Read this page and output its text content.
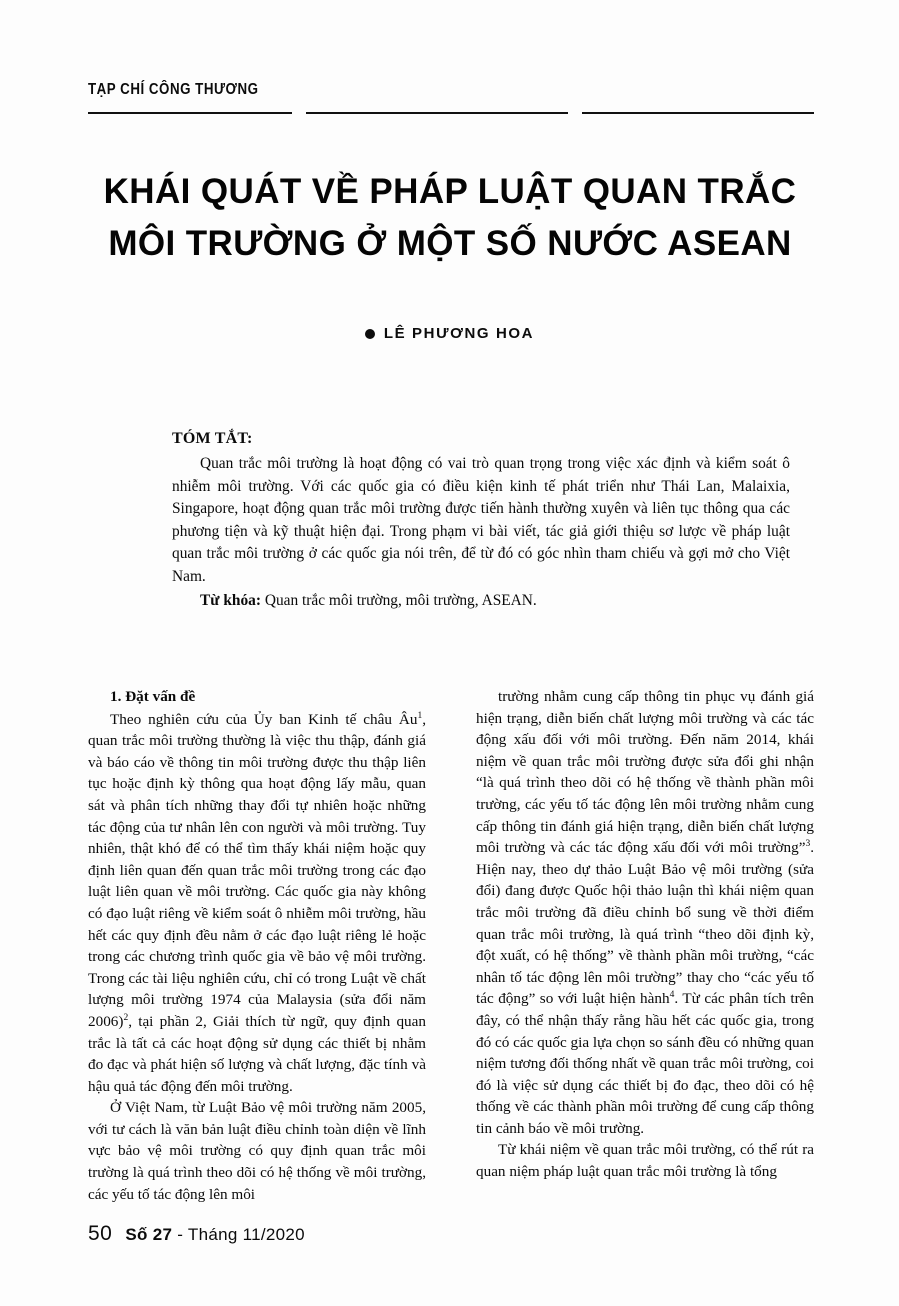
TẠP CHÍ CÔNG THƯƠNG
KHÁI QUÁT VỀ PHÁP LUẬT QUAN TRẮC
MÔI TRƯỜNG Ở MỘT SỐ NƯỚC ASEAN
LÊ PHƯƠNG HOA
TÓM TẮT:

Quan trắc môi trường là hoạt động có vai trò quan trọng trong việc xác định và kiểm soát ô nhiễm môi trường. Với các quốc gia có điều kiện kinh tế phát triển như Thái Lan, Malaixia, Singapore, hoạt động quan trắc môi trường được tiến hành thường xuyên và liên tục thông qua các phương tiện và kỹ thuật hiện đại. Trong phạm vi bài viết, tác giả giới thiệu sơ lược về pháp luật quan trắc môi trường ở các quốc gia nói trên, để từ đó có góc nhìn tham chiếu và gợi mở cho Việt Nam.

Từ khóa: Quan trắc môi trường, môi trường, ASEAN.

1. Đặt vấn đề

Theo nghiên cứu của Ủy ban Kinh tế châu $Âu^1$, quan trắc môi trường thường là việc thu thập, đánh giá và báo cáo về thông tin môi trường được thu thập liên tục hoặc định kỳ thông qua hoạt động lấy mẫu, quan sát và phân tích những thay đổi tự nhiên hoặc những tác động của tư nhân lên con người và môi trường. Tuy nhiên, thật khó để có thể tìm thấy khái niệm hoặc quy định liên quan đến quan trắc môi trường trong các đạo luật liên quan về môi trường. Các quốc gia này không có đạo luật riêng về kiểm soát ô nhiễm môi trường, hầu hết các quy định đều nằm ở các đạo luật riêng lẻ hoặc trong các chương trình quốc gia về bảo vệ môi trường. Trong các tài liệu nghiên cứu, chỉ có trong Luật về chất lượng môi trường 1974 của Malaysia (sửa đổi năm 2006)$^2$, tại phần 2, Giải thích từ ngữ, quy định quan trắc là tất cả các hoạt động sử dụng các thiết bị nhằm đo đạc và phát hiện số lượng và chất lượng, đặc tính và hậu quả tác động đến môi trường.

Ở Việt Nam, từ Luật Bảo vệ môi trường năm 2005, với tư cách là văn bản luật điều chỉnh toàn diện về lĩnh vực bảo vệ môi trường có quy định quan trắc môi trường là quá trình theo dõi có hệ thống về môi trường, các yếu tố tác động lên môi

trường nhằm cung cấp thông tin phục vụ đánh giá hiện trạng, diễn biến chất lượng môi trường và các tác động xấu đối với môi trường. Đến năm 2014, khái niệm về quan trắc môi trường được sửa đổi ghi nhận “là quá trình theo dõi có hệ thống về thành phần môi trường, các yếu tố tác động lên môi trường nhằm cung cấp thông tin đánh giá hiện trạng, diễn biến chất lượng môi trường và các tác động xấu đối với môi trường”$^3$. Hiện nay, theo dự thảo Luật Bảo vệ môi trường (sửa đổi) đang được Quốc hội thảo luận thì khái niệm quan trắc môi trường đã điều chỉnh bổ sung về thời điểm quan trắc môi trường, là quá trình “theo dõi định kỳ, đột xuất, có hệ thống” về thành phần môi trường, “các nhân tố tác động lên môi trường” thay cho “các yếu tố tác động” so với luật hiện hành$^4$. Từ các phân tích trên đây, có thể nhận thấy rằng hầu hết các quốc gia, trong đó có các quốc gia lựa chọn so sánh đều có những quan niệm tương đối thống nhất về quan trắc môi trường, coi đó là việc sử dụng các thiết bị đo đạc, theo dõi có hệ thống về các thành phần môi trường để cung cấp thông tin cảnh báo về môi trường.

Từ khái niệm về quan trắc môi trường, có thể rút ra quan niệm pháp luật quan trắc môi trường là tổng

50 Số 27 - Tháng 11/2020
